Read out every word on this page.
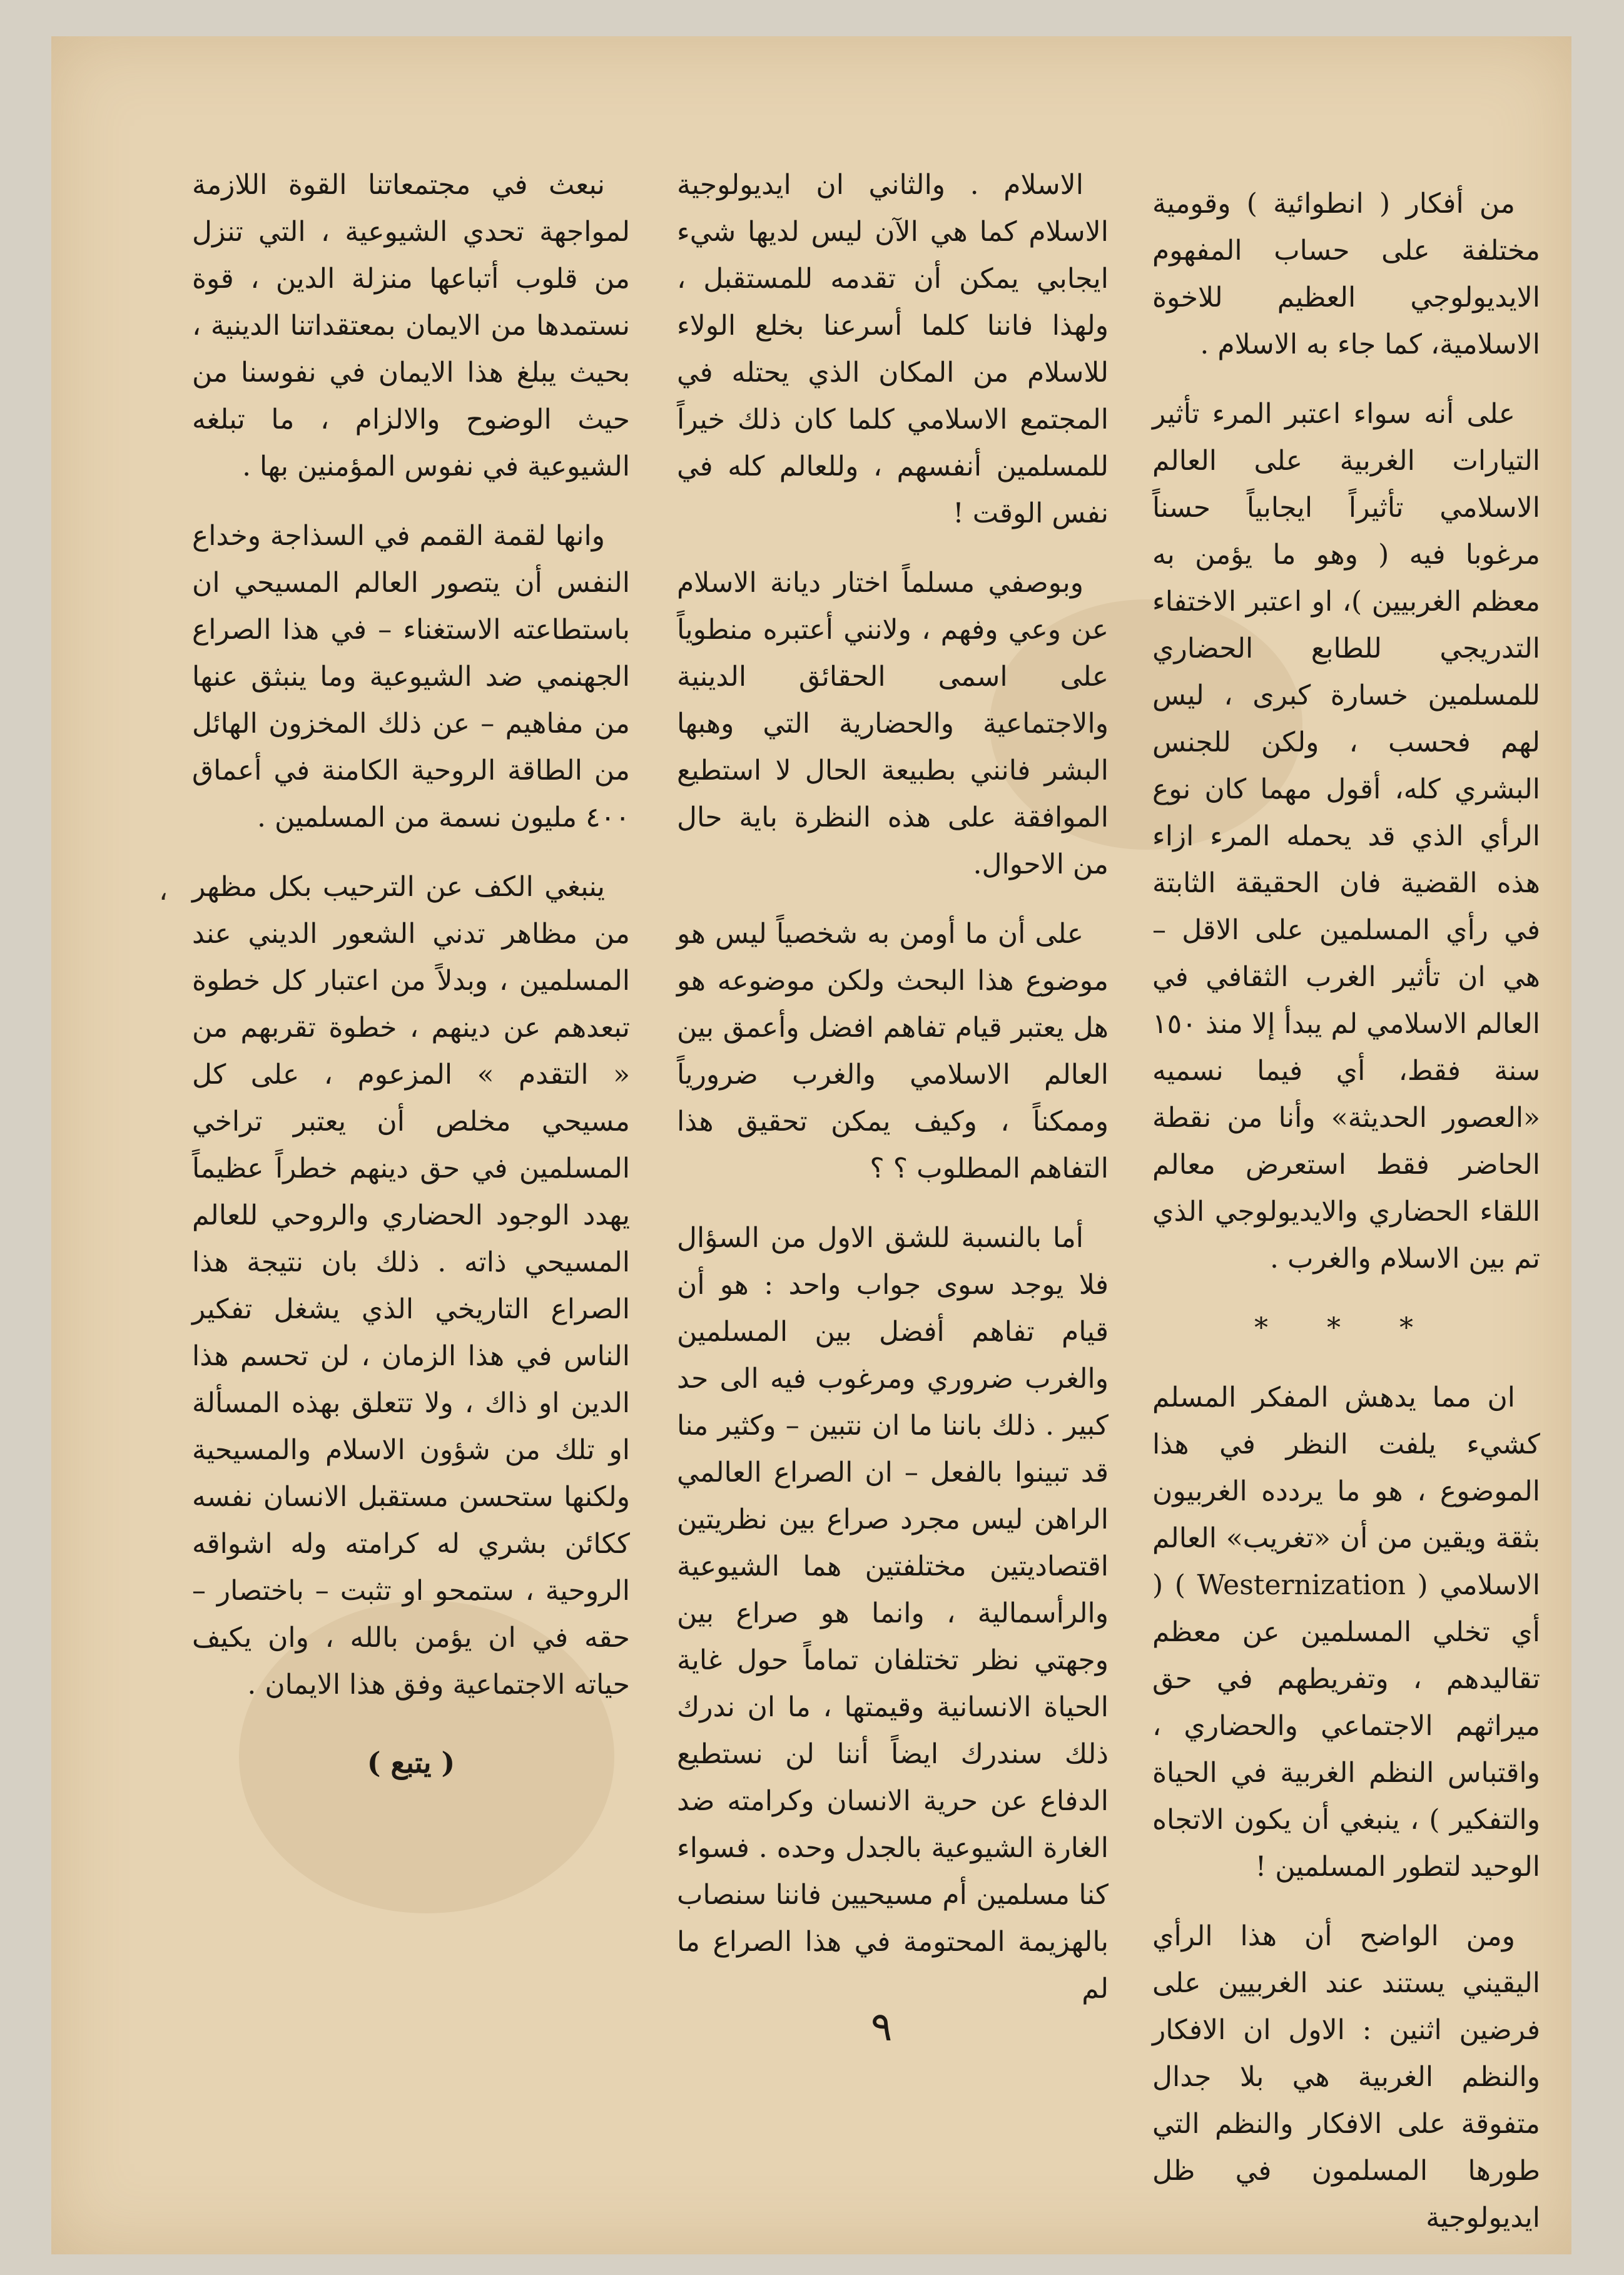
من أفكار ( انطوائية ) وقومية مختلفة على حساب المفهوم الايديولوجي العظيم للاخوة الاسلامية، كما جاء به الاسلام .

على أنه سواء اعتبر المرء تأثير التيارات الغربية على العالم الاسلامي تأثيراً ايجابياً حسناً مرغوبا فيه ( وهو ما يؤمن به معظم الغربيين )، او اعتبر الاختفاء التدريجي للطابع الحضاري للمسلمين خسارة كبرى ، ليس لهم فحسب ، ولكن للجنس البشري كله، أقول مهما كان نوع الرأي الذي قد يحمله المرء ازاء هذه القضية فان الحقيقة الثابتة في رأي المسلمين على الاقل – هي ان تأثير الغرب الثقافي في العالم الاسلامي لم يبدأ إلا منذ ١٥٠ سنة فقط، أي فيما نسميه «العصور الحديثة» وأنا من نقطة الحاضر فقط استعرض معالم اللقاء الحضاري والايديولوجي الذي تم بين الاسلام والغرب .

* * *

ان مما يدهش المفكر المسلم كشيء يلفت النظر في هذا الموضوع ، هو ما يردده الغربيون بثقة ويقين من أن «تغريب» العالم الاسلامي ( Westernization ) ( أي تخلي المسلمين عن معظم تقاليدهم ، وتفريطهم في حق ميراثهم الاجتماعي والحضاري ، واقتباس النظم الغربية في الحياة والتفكير ) ، ينبغي أن يكون الاتجاه الوحيد لتطور المسلمين !

ومن الواضح أن هذا الرأي اليقيني يستند عند الغربيين على فرضين اثنين : الاول ان الافكار والنظم الغربية هي بلا جدال متفوقة على الافكار والنظم التي طورها المسلمون في ظل ايديولوجية

الاسلام . والثاني ان ايديولوجية الاسلام كما هي الآن ليس لديها شيء ايجابي يمكن أن تقدمه للمستقبل ، ولهذا فاننا كلما أسرعنا بخلع الولاء للاسلام من المكان الذي يحتله في المجتمع الاسلامي كلما كان ذلك خيراً للمسلمين أنفسهم ، وللعالم كله في نفس الوقت !

وبوصفي مسلماً اختار ديانة الاسلام عن وعي وفهم ، ولانني أعتبره منطوياً على اسمى الحقائق الدينية والاجتماعية والحضارية التي وهبها البشر فانني بطبيعة الحال لا استطيع الموافقة على هذه النظرة باية حال من الاحوال.

على أن ما أومن به شخصياً ليس هو موضوع هذا البحث ولكن موضوعه هو هل يعتبر قيام تفاهم افضل وأعمق بين العالم الاسلامي والغرب ضرورياً وممكناً ، وكيف يمكن تحقيق هذا التفاهم المطلوب ؟ ؟

أما بالنسبة للشق الاول من السؤال فلا يوجد سوى جواب واحد : هو أن قيام تفاهم أفضل بين المسلمين والغرب ضروري ومرغوب فيه الى حد كبير . ذلك باننا ما ان نتبين – وكثير منا قد تبينوا بالفعل – ان الصراع العالمي الراهن ليس مجرد صراع بين نظريتين اقتصاديتين مختلفتين هما الشيوعية والرأسمالية ، وانما هو صراع بين وجهتي نظر تختلفان تماماً حول غاية الحياة الانسانية وقيمتها ، ما ان ندرك ذلك سندرك ايضاً أننا لن نستطيع الدفاع عن حرية الانسان وكرامته ضد الغارة الشيوعية بالجدل وحده . فسواء كنا مسلمين أم مسيحيين فاننا سنصاب بالهزيمة المحتومة في هذا الصراع ما لم

نبعث في مجتمعاتنا القوة اللازمة لمواجهة تحدي الشيوعية ، التي تنزل من قلوب أتباعها منزلة الدين ، قوة نستمدها من الايمان بمعتقداتنا الدينية ، بحيث يبلغ هذا الايمان في نفوسنا من حيث الوضوح والالزام ، ما تبلغه الشيوعية في نفوس المؤمنين بها .

وانها لقمة القمم في السذاجة وخداع النفس أن يتصور العالم المسيحي ان باستطاعته الاستغناء – في هذا الصراع الجهنمي ضد الشيوعية وما ينبثق عنها من مفاهيم – عن ذلك المخزون الهائل من الطاقة الروحية الكامنة في أعماق ٤٠٠ مليون نسمة من المسلمين .

ينبغي الكف عن الترحيب بكل مظهر من مظاهر تدني الشعور الديني عند المسلمين ، وبدلاً من اعتبار كل خطوة تبعدهم عن دينهم ، خطوة تقربهم من « التقدم » المزعوم ، على كل مسيحي مخلص أن يعتبر تراخي المسلمين في حق دينهم خطراً عظيماً يهدد الوجود الحضاري والروحي للعالم المسيحي ذاته . ذلك بان نتيجة هذا الصراع التاريخي الذي يشغل تفكير الناس في هذا الزمان ، لن تحسم هذا الدين او ذاك ، ولا تتعلق بهذه المسألة او تلك من شؤون الاسلام والمسيحية ولكنها ستحسن مستقبل الانسان نفسه ككائن بشري له كرامته وله اشواقه الروحية ، ستمحو او تثبت – باختصار – حقه في ان يؤمن بالله ، وان يكيف حياته الاجتماعية وفق هذا الايمان .

( يتبع )
،
٩
